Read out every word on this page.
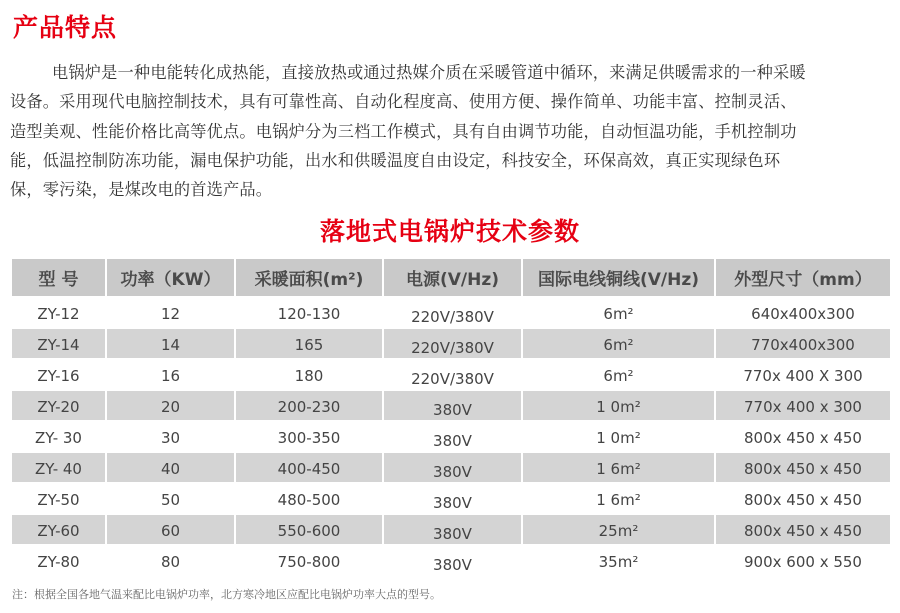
产品特点
电锅炉是一种电能转化成热能，直接放热或通过热媒介质在采暖管道中循环，来满足供暖需求的一种采暖
设备。采用现代电脑控制技术，具有可靠性高、自动化程度高、使用方便、操作简单、功能丰富、控制灵活、
造型美观、性能价格比高等优点。电锅炉分为三档工作模式，具有自由调节功能，自动恒温功能，手机控制功
能，低温控制防冻功能，漏电保护功能，出水和供暖温度自由设定，科技安全，环保高效，真正实现绿色环
保，零污染，是煤改电的首选产品。
落地式电锅炉技术参数
型 号	功率（KW）	采暖面积(m²)	电源(V/Hz)	国际电线铜线(V/Hz)	外型尺寸（mm）
ZY-12	12	120-130	220V/380V	6m²	640x400x300
ZY-14	14	165	220V/380V	6m²	770x400x300
ZY-16	16	180	220V/380V	6m²	770x 400 X 300
ZY-20	20	200-230	380V	1 0m²	770x 400 x 300
ZY- 30	30	300-350	380V	1 0m²	800x 450 x 450
ZY- 40	40	400-450	380V	1 6m²	800x 450 x 450
ZY-50	50	480-500	380V	1 6m²	800x 450 x 450
ZY-60	60	550-600	380V	25m²	800x 450 x 450
ZY-80	80	750-800	380V	35m²	900x 600 x 550
注：根据全国各地气温来配比电锅炉功率，北方寒冷地区应配比电锅炉功率大点的型号。
